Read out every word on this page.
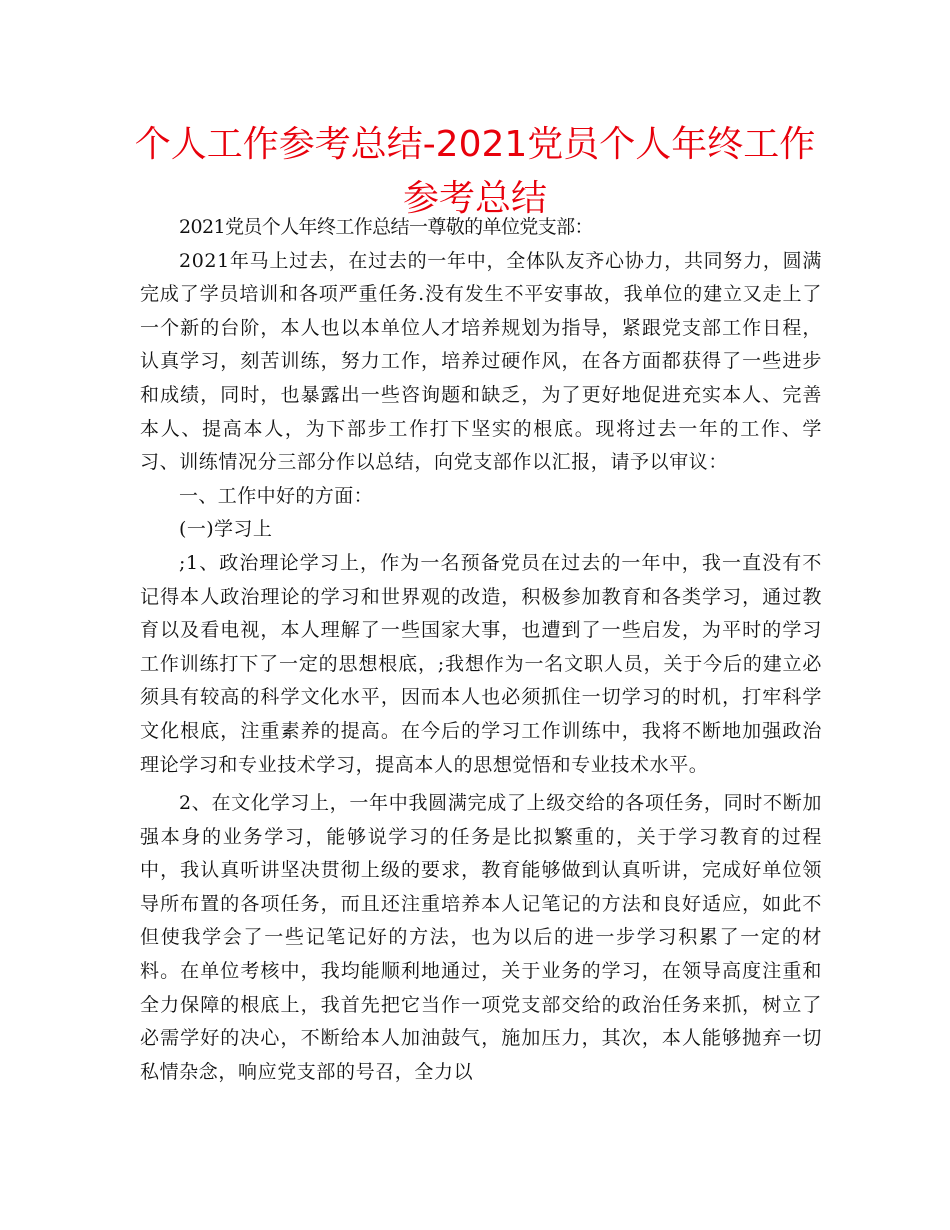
个人工作参考总结-2021党员个人年终工作参考总结

2021党员个人年终工作总结一尊敬的单位党支部：

2021年马上过去，在过去的一年中，全体队友齐心协力，共同努力，圆满完成了学员培训和各项严重任务.没有发生不平安事故，我单位的建立又走上了一个新的台阶，本人也以本单位人才培养规划为指导，紧跟党支部工作日程，认真学习，刻苦训练，努力工作，培养过硬作风，在各方面都获得了一些进步和成绩，同时，也暴露出一些咨询题和缺乏，为了更好地促进充实本人、完善本人、提高本人，为下部步工作打下坚实的根底。现将过去一年的工作、学习、训练情况分三部分作以总结，向党支部作以汇报，请予以审议：

一、工作中好的方面：

(一)学习上

;1、政治理论学习上，作为一名预备党员在过去的一年中，我一直没有不记得本人政治理论的学习和世界观的改造，积极参加教育和各类学习，通过教育以及看电视，本人理解了一些国家大事，也遭到了一些启发，为平时的学习工作训练打下了一定的思想根底，;我想作为一名文职人员，关于今后的建立必须具有较高的科学文化水平，因而本人也必须抓住一切学习的时机，打牢科学文化根底，注重素养的提高。在今后的学习工作训练中，我将不断地加强政治理论学习和专业技术学习，提高本人的思想觉悟和专业技术水平。

2、在文化学习上，一年中我圆满完成了上级交给的各项任务，同时不断加强本身的业务学习，能够说学习的任务是比拟繁重的，关于学习教育的过程中，我认真听讲坚决贯彻上级的要求，教育能够做到认真听讲，完成好单位领导所布置的各项任务，而且还注重培养本人记笔记的方法和良好适应，如此不但使我学会了一些记笔记好的方法，也为以后的进一步学习积累了一定的材料。在单位考核中，我均能顺利地通过，关于业务的学习，在领导高度注重和全力保障的根底上，我首先把它当作一项党支部交给的政治任务来抓，树立了必需学好的决心，不断给本人加油鼓气，施加压力，其次，本人能够抛弃一切私情杂念，响应党支部的号召，全力以
